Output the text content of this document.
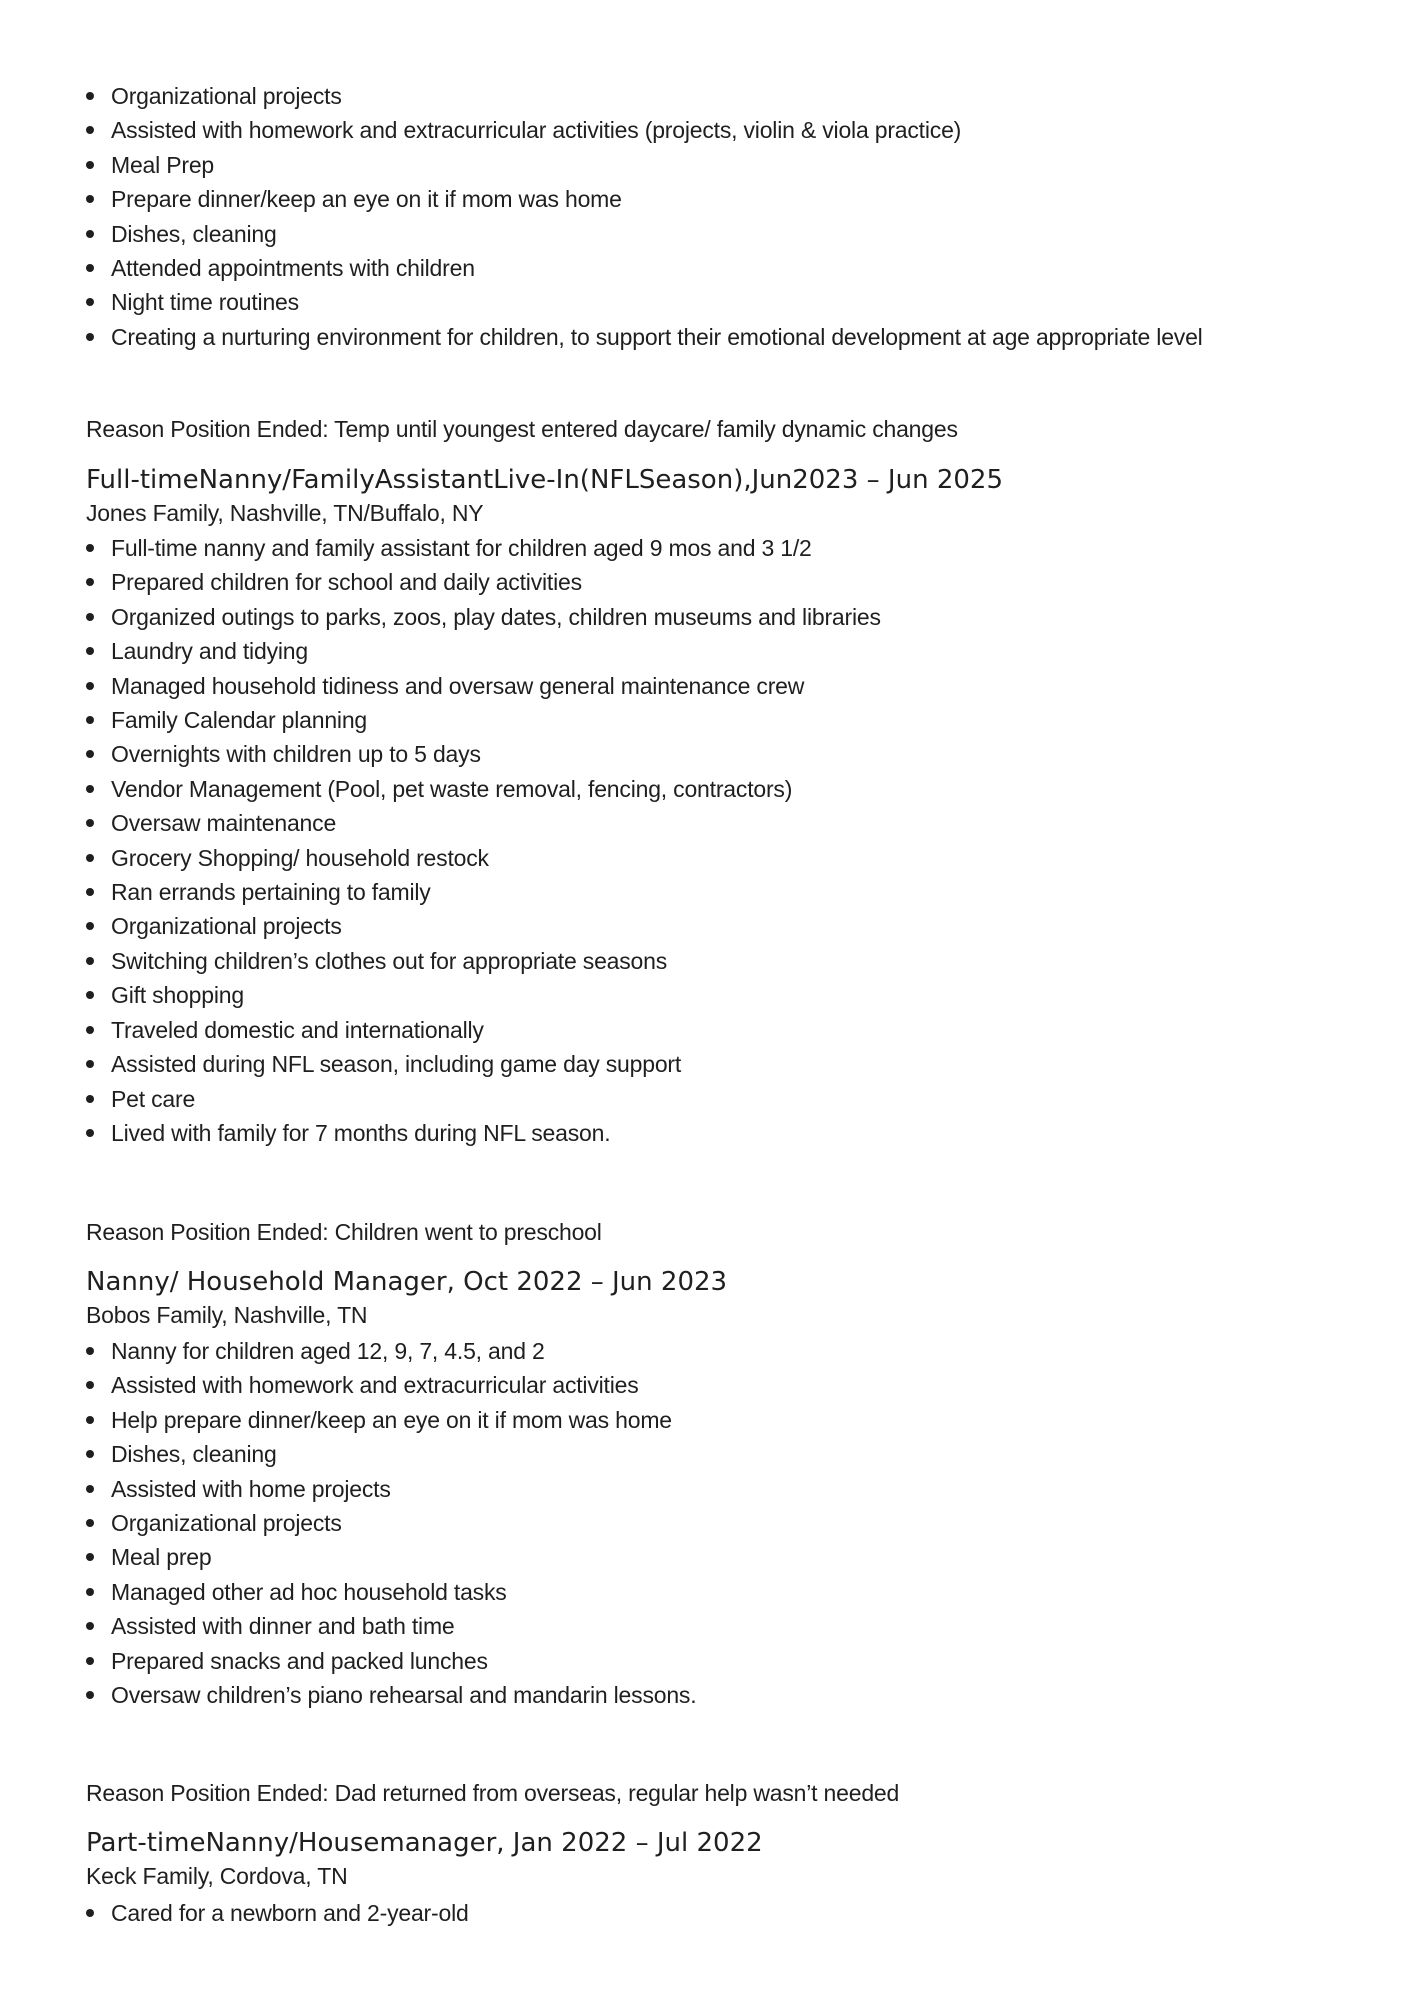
Organizational projects
Assisted with homework and extracurricular activities (projects, violin & viola practice)
Meal Prep
Prepare dinner/keep an eye on it if mom was home
Dishes, cleaning
Attended appointments with children
Night time routines
Creating a nurturing environment for children, to support their emotional development at age appropriate level
Reason Position Ended: Temp until youngest entered daycare/ family dynamic changes
Full-timeNanny/FamilyAssistantLive-In(NFLSeason),Jun2023 – Jun 2025
Jones Family, Nashville, TN/Buffalo, NY
Full-time nanny and family assistant for children aged 9 mos and 3 1/2
Prepared children for school and daily activities
Organized outings to parks, zoos, play dates, children museums and libraries
Laundry and tidying
Managed household tidiness and oversaw general maintenance crew
Family Calendar planning
Overnights with children up to 5 days
Vendor Management (Pool, pet waste removal, fencing, contractors)
Oversaw maintenance
Grocery Shopping/ household restock
Ran errands pertaining to family
Organizational projects
Switching children’s clothes out for appropriate seasons
Gift shopping
Traveled domestic and internationally
Assisted during NFL season, including game day support
Pet care
Lived with family for 7 months during NFL season.
Reason Position Ended: Children went to preschool
Nanny/ Household Manager, Oct 2022 – Jun 2023
Bobos Family, Nashville, TN
Nanny for children aged 12, 9, 7, 4.5, and 2
Assisted with homework and extracurricular activities
Help prepare dinner/keep an eye on it if mom was home
Dishes, cleaning
Assisted with home projects
Organizational projects
Meal prep
Managed other ad hoc household tasks
Assisted with dinner and bath time
Prepared snacks and packed lunches
Oversaw children’s piano rehearsal and mandarin lessons.
Reason Position Ended: Dad returned from overseas, regular help wasn’t needed
Part-timeNanny/Housemanager, Jan 2022 – Jul 2022
Keck Family, Cordova, TN
Cared for a newborn and 2-year-old
